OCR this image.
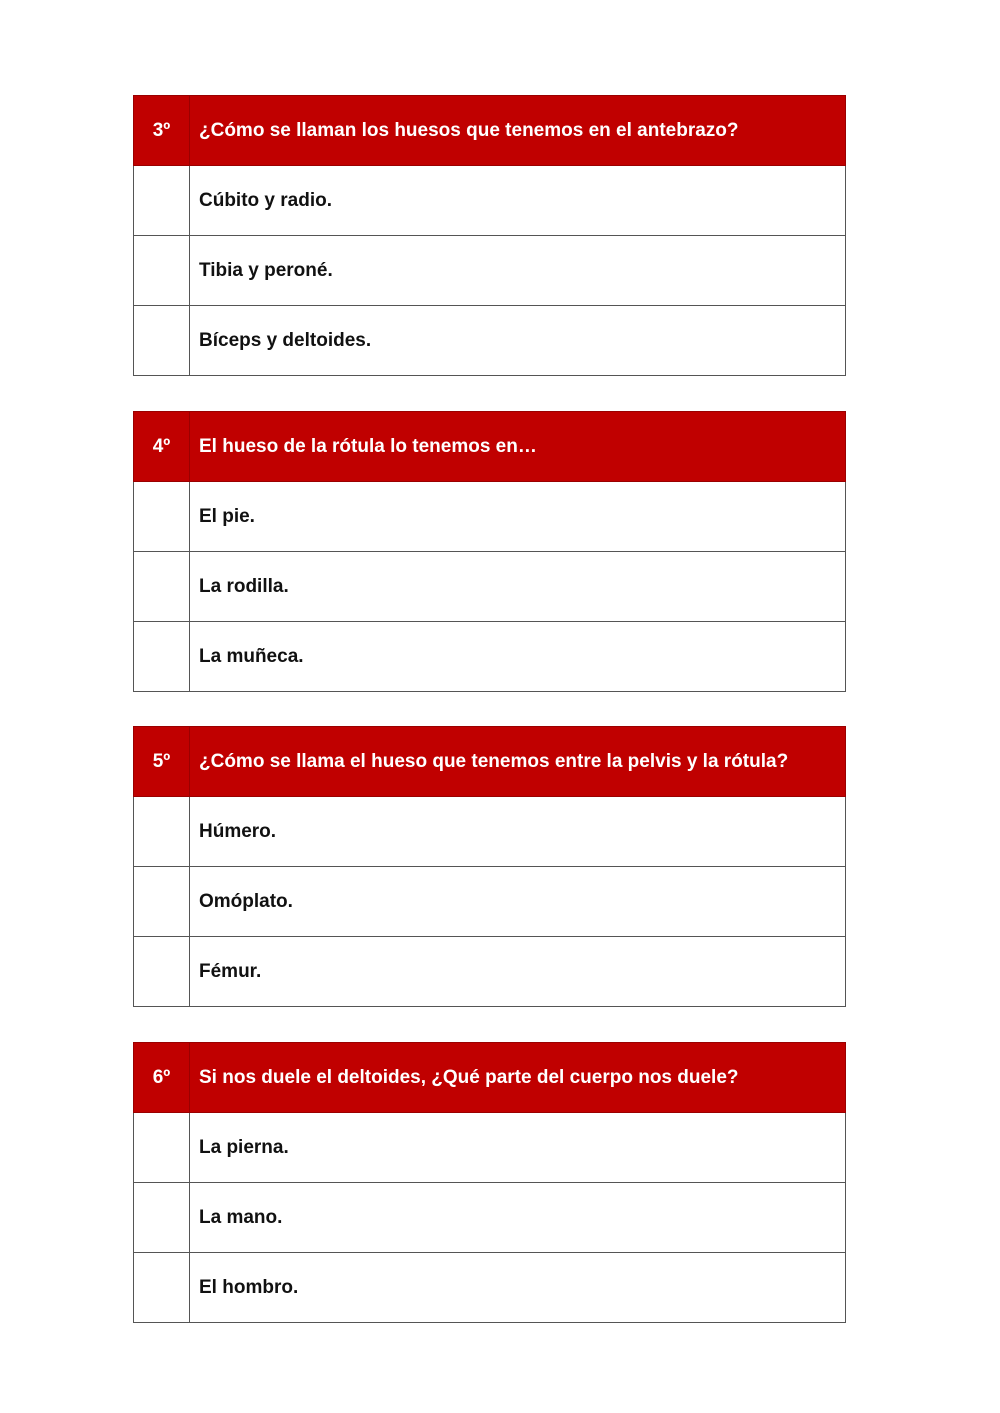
3º	¿Cómo se llaman los huesos que tenemos en el antebrazo?
	Cúbito y radio.
	Tibia y peroné.
	Bíceps y deltoides.
4º	El hueso de la rótula lo tenemos en…
	El pie.
	La rodilla.
	La muñeca.
5º	¿Cómo se llama el hueso que tenemos entre la pelvis y la rótula?
	Húmero.
	Omóplato.
	Fémur.
6º	Si nos duele el deltoides, ¿Qué parte del cuerpo nos duele?
	La pierna.
	La mano.
	El hombro.
